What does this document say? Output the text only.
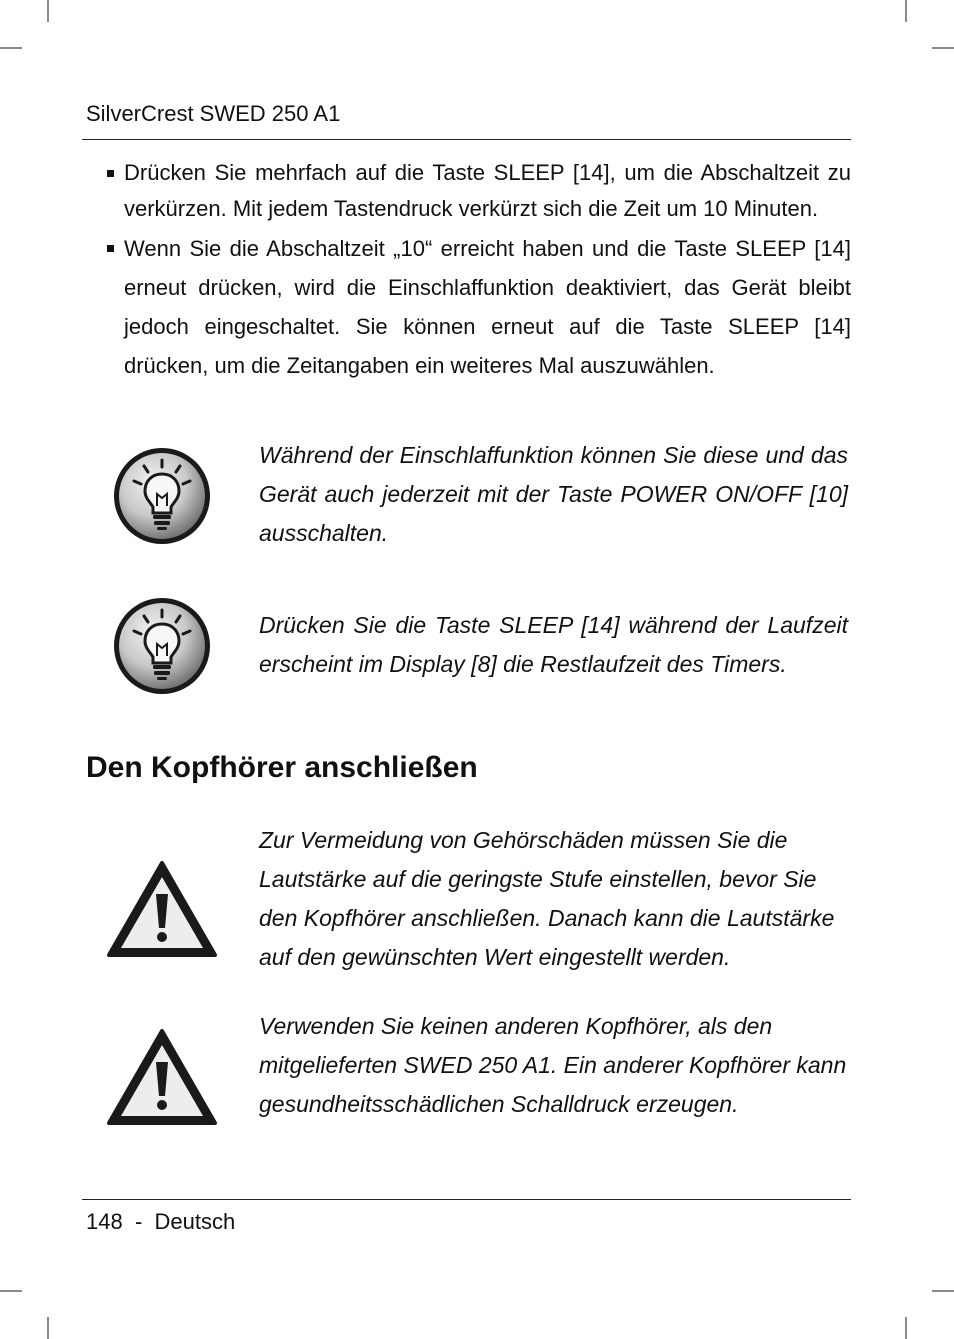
SilverCrest SWED 250 A1
Drücken Sie mehrfach auf die Taste SLEEP [14], um die Abschaltzeit zu verkürzen. Mit jedem Tastendruck verkürzt sich die Zeit um 10 Minuten.
Wenn Sie die Abschaltzeit „10“ erreicht haben und die Taste SLEEP [14] erneut drücken, wird die Einschlaffunktion deaktiviert, das Gerät bleibt jedoch eingeschaltet. Sie können erneut auf die Taste SLEEP [14] drücken, um die Zeitangaben ein weiteres Mal auszuwählen.

Während der Einschlaffunktion können Sie diese und das Gerät auch jederzeit mit der Taste POWER ON/OFF [10] ausschalten.

Drücken Sie die Taste SLEEP [14] während der Laufzeit erscheint im Display [8] die Restlaufzeit des Timers.

Den Kopfhörer anschließen

Zur Vermeidung von Gehörschäden müssen Sie die Lautstärke auf die geringste Stufe einstellen, bevor Sie den Kopfhörer anschließen. Danach kann die Lautstärke auf den gewünschten Wert eingestellt werden.

Verwenden Sie keinen anderen Kopfhörer, als den mitgelieferten SWED 250 A1. Ein anderer Kopfhörer kann gesundheitsschädlichen Schalldruck erzeugen.

148 - Deutsch
